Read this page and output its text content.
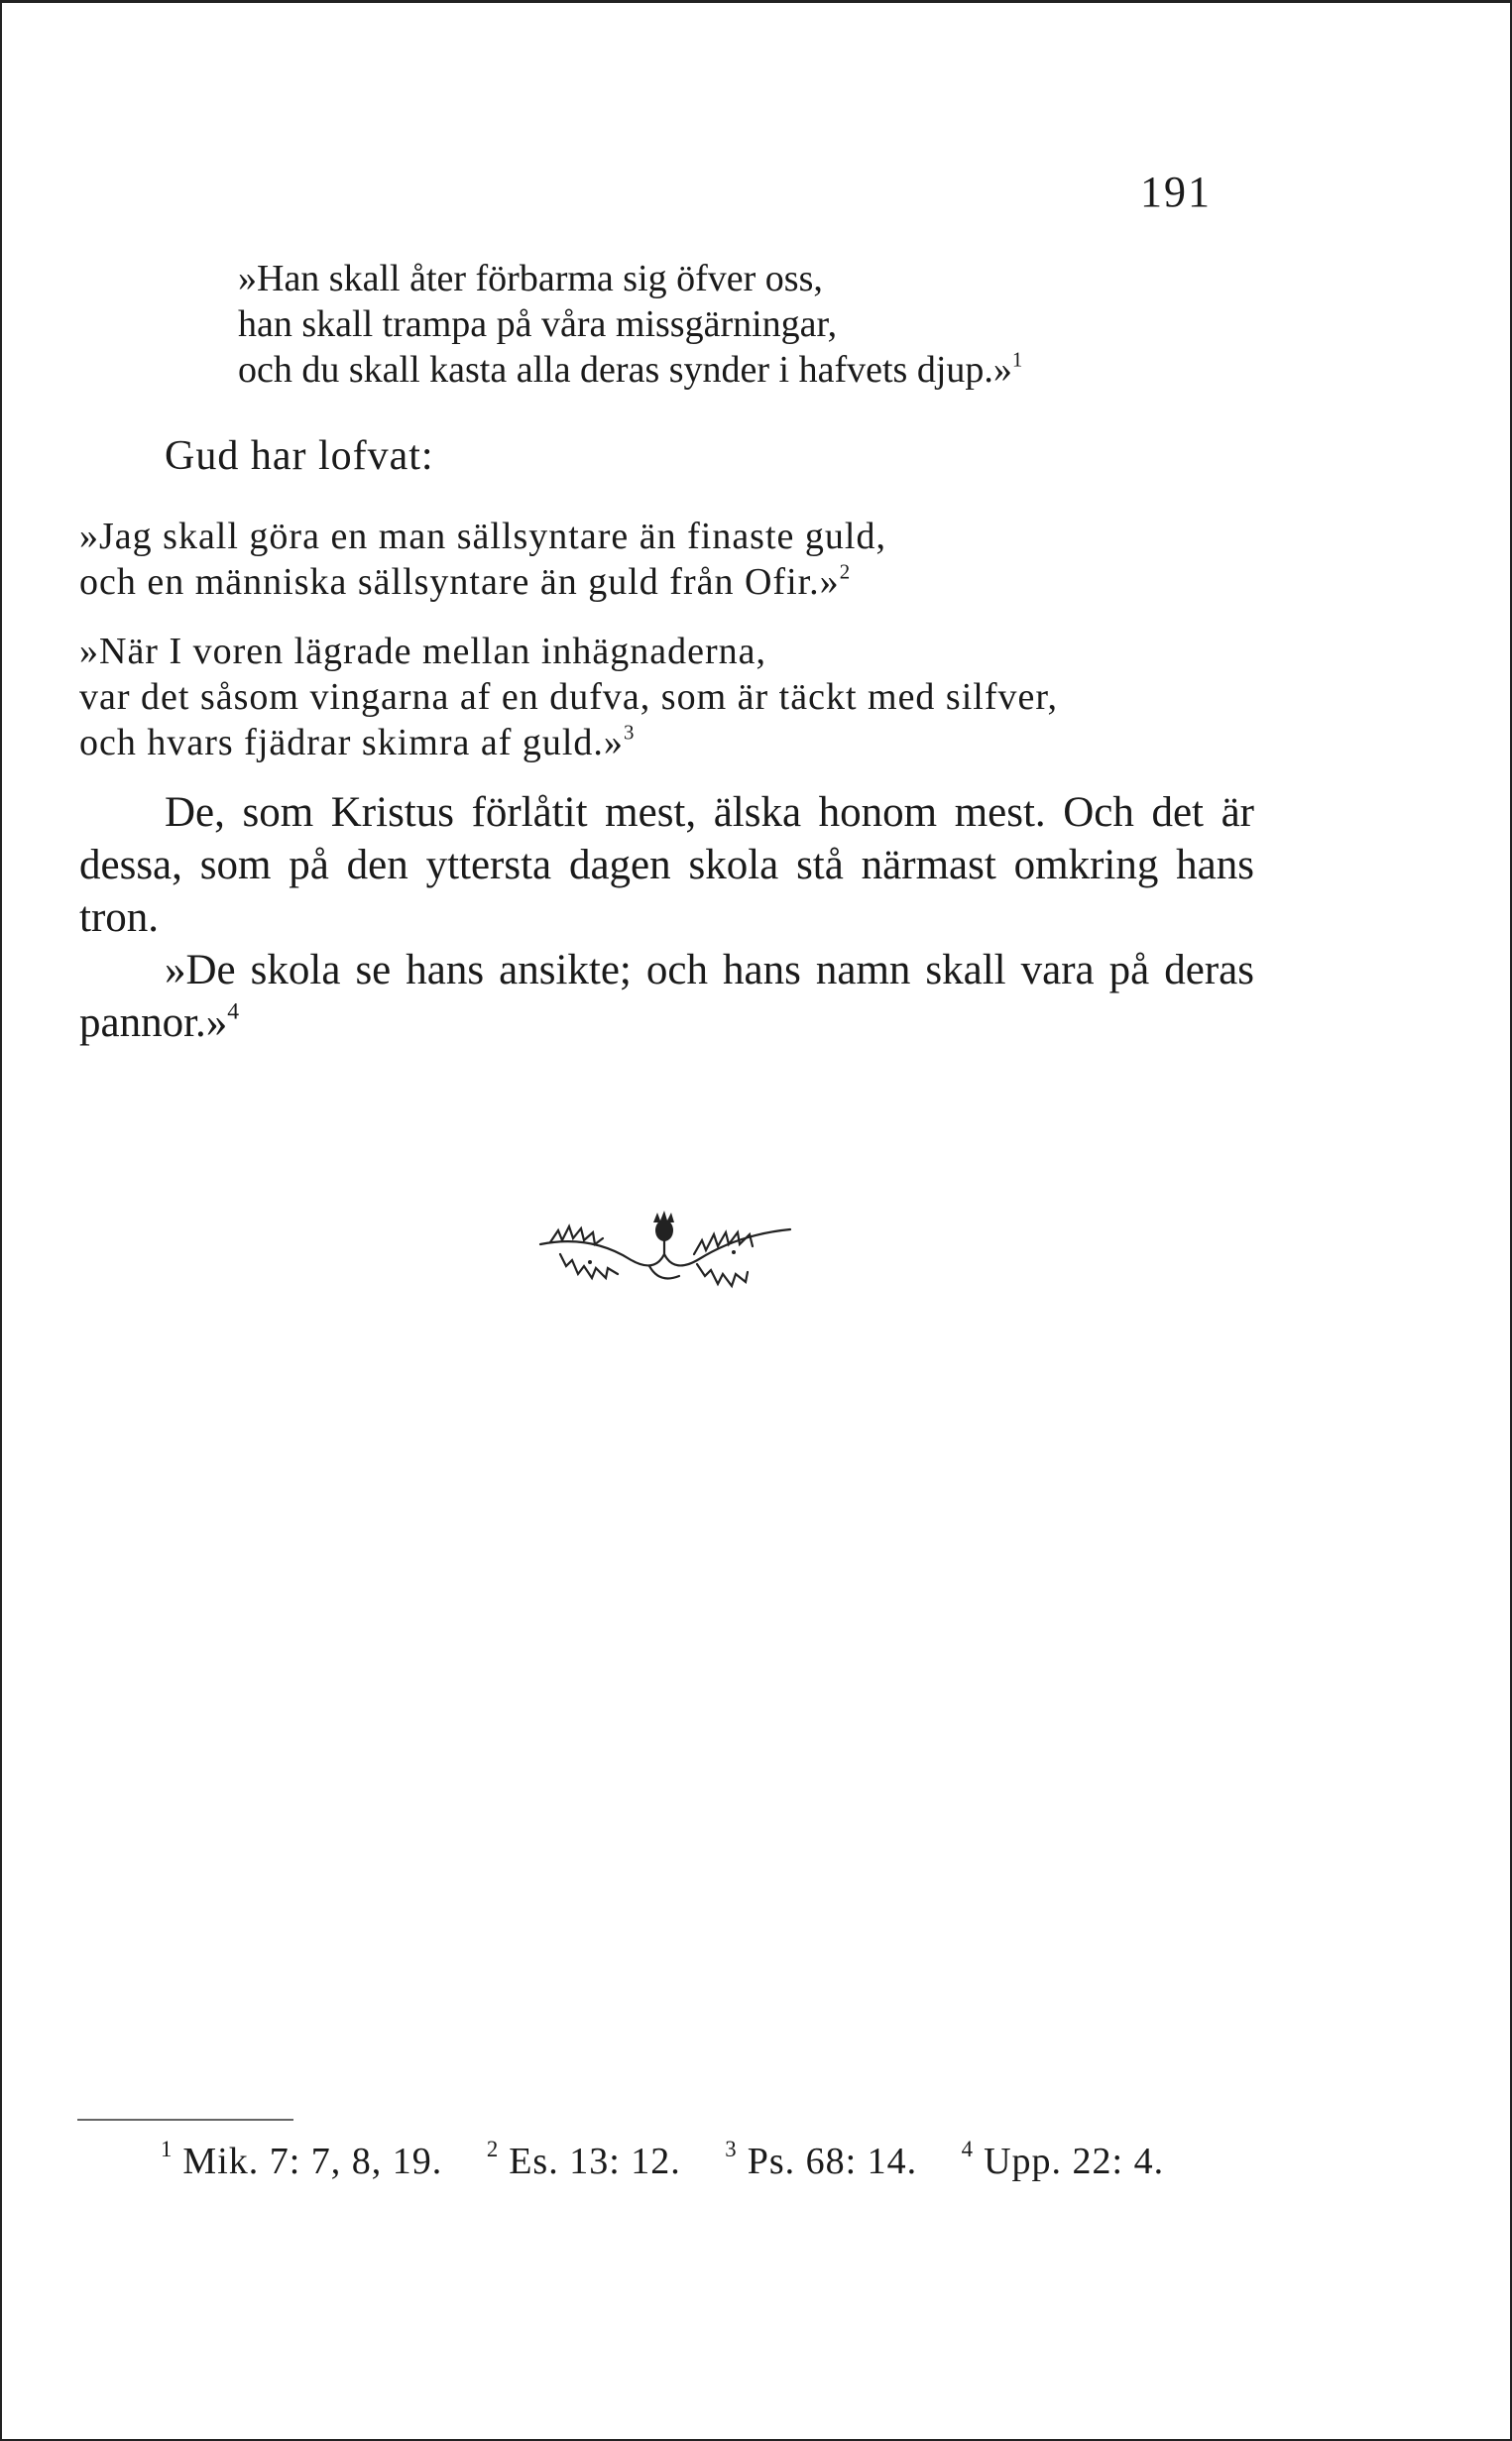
191
»Han skall åter förbarma sig öfver oss,
han skall trampa på våra missgärningar,
och du skall kasta alla deras synder i hafvets djup.»$^1$
Gud har lofvat:
»Jag skall göra en man sällsyntare än finaste guld,
och en människa sällsyntare än guld från Ofir.»$^2$
»När I voren lägrade mellan inhägnaderna,
var det såsom vingarna af en dufva, som är täckt med silfver,
och hvars fjädrar skimra af guld.»$^3$

De, som Kristus förlåtit mest, älska honom mest. Och det är dessa, som på den yttersta dagen skola stå närmast omkring hans tron.

»De skola se hans ansikte; och hans namn skall vara på deras pannor.»$^4$

$^1$ Mik. 7: 7, 8, 19. $^2$ Es. 13: 12. $^3$ Ps. 68: 14. $^4$ Upp. 22: 4.
